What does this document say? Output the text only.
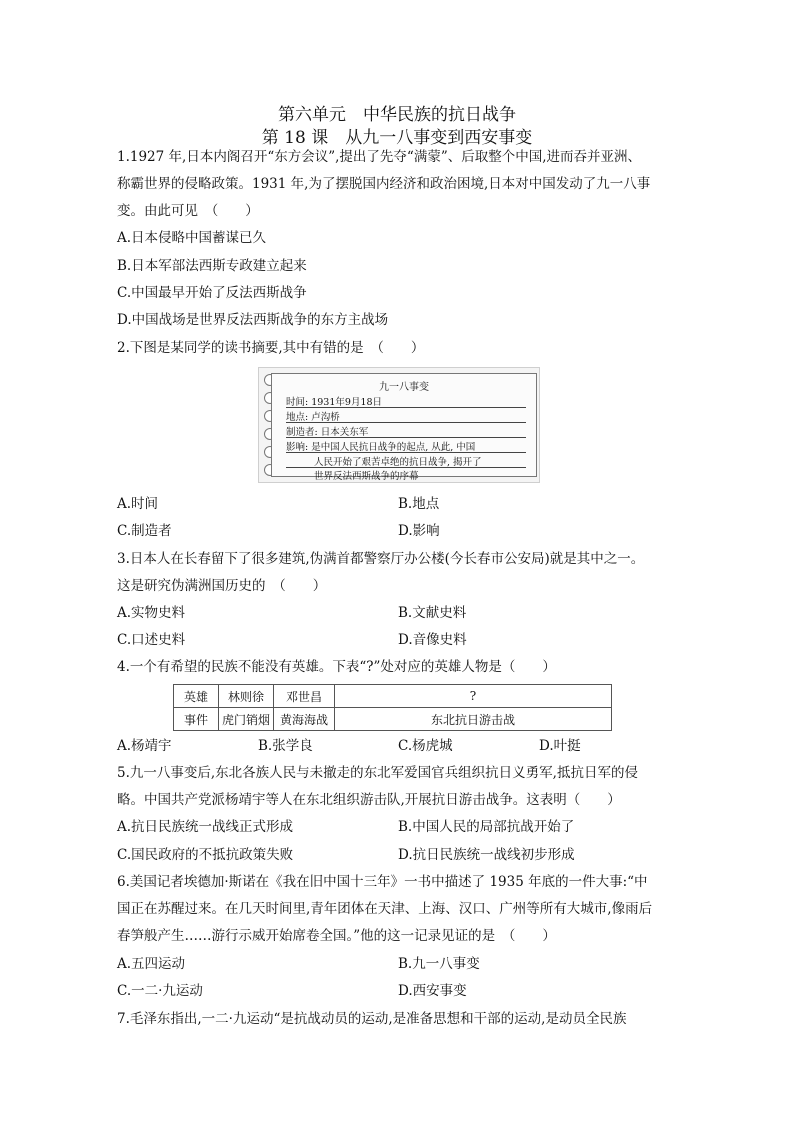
第六单元　中华民族的抗日战争
第 18 课　从九一八事变到西安事变
1.1927 年,日本内阁召开“东方会议”,提出了先夺“满蒙”、后取整个中国,进而吞并亚洲、
称霸世界的侵略政策。1931 年,为了摆脱国内经济和政治困境,日本对中国发动了九一八事
变。由此可见　（　　）
A.日本侵略中国蓄谋已久
B.日本军部法西斯专政建立起来
C.中国最早开始了反法西斯战争
D.中国战场是世界反法西斯战争的东方主战场
2.下图是某同学的读书摘要,其中有错的是　（　　）
九一八事变
时间: 1931年9月18日
地点: 卢沟桥
制造者: 日本关东军
影响: 是中国人民抗日战争的起点, 从此, 中国
人民开始了艰苦卓绝的抗日战争, 揭开了
世界反法西斯战争的序幕
A.时间	B.地点
C.制造者	D.影响
3.日本人在长春留下了很多建筑,伪满首都警察厅办公楼(今长春市公安局)就是其中之一。
这是研究伪满洲国历史的　（　　）
A.实物史料	B.文献史料
C.口述史料	D.音像史料
4.一个有希望的民族不能没有英雄。下表“?”处对应的英雄人物是（　　）
英雄	林则徐	邓世昌	?
事件	虎门销烟	黄海海战	东北抗日游击战
A.杨靖宇	B.张学良	C.杨虎城	D.叶挺
5.九一八事变后,东北各族人民与未撤走的东北军爱国官兵组织抗日义勇军,抵抗日军的侵
略。中国共产党派杨靖宇等人在东北组织游击队,开展抗日游击战争。这表明（　　）
A.抗日民族统一战线正式形成	B.中国人民的局部抗战开始了
C.国民政府的不抵抗政策失败	D.抗日民族统一战线初步形成
6.美国记者埃德加·斯诺在《我在旧中国十三年》一书中描述了 1935 年底的一件大事:“中
国正在苏醒过来。在几天时间里,青年团体在天津、上海、汉口、广州等所有大城市,像雨后
春笋般产生……游行示威开始席卷全国。”他的这一记录见证的是　（　　）
A.五四运动	B.九一八事变
C.一二·九运动	D.西安事变
7.毛泽东指出,一二·九运动“是抗战动员的运动,是准备思想和干部的运动,是动员全民族
